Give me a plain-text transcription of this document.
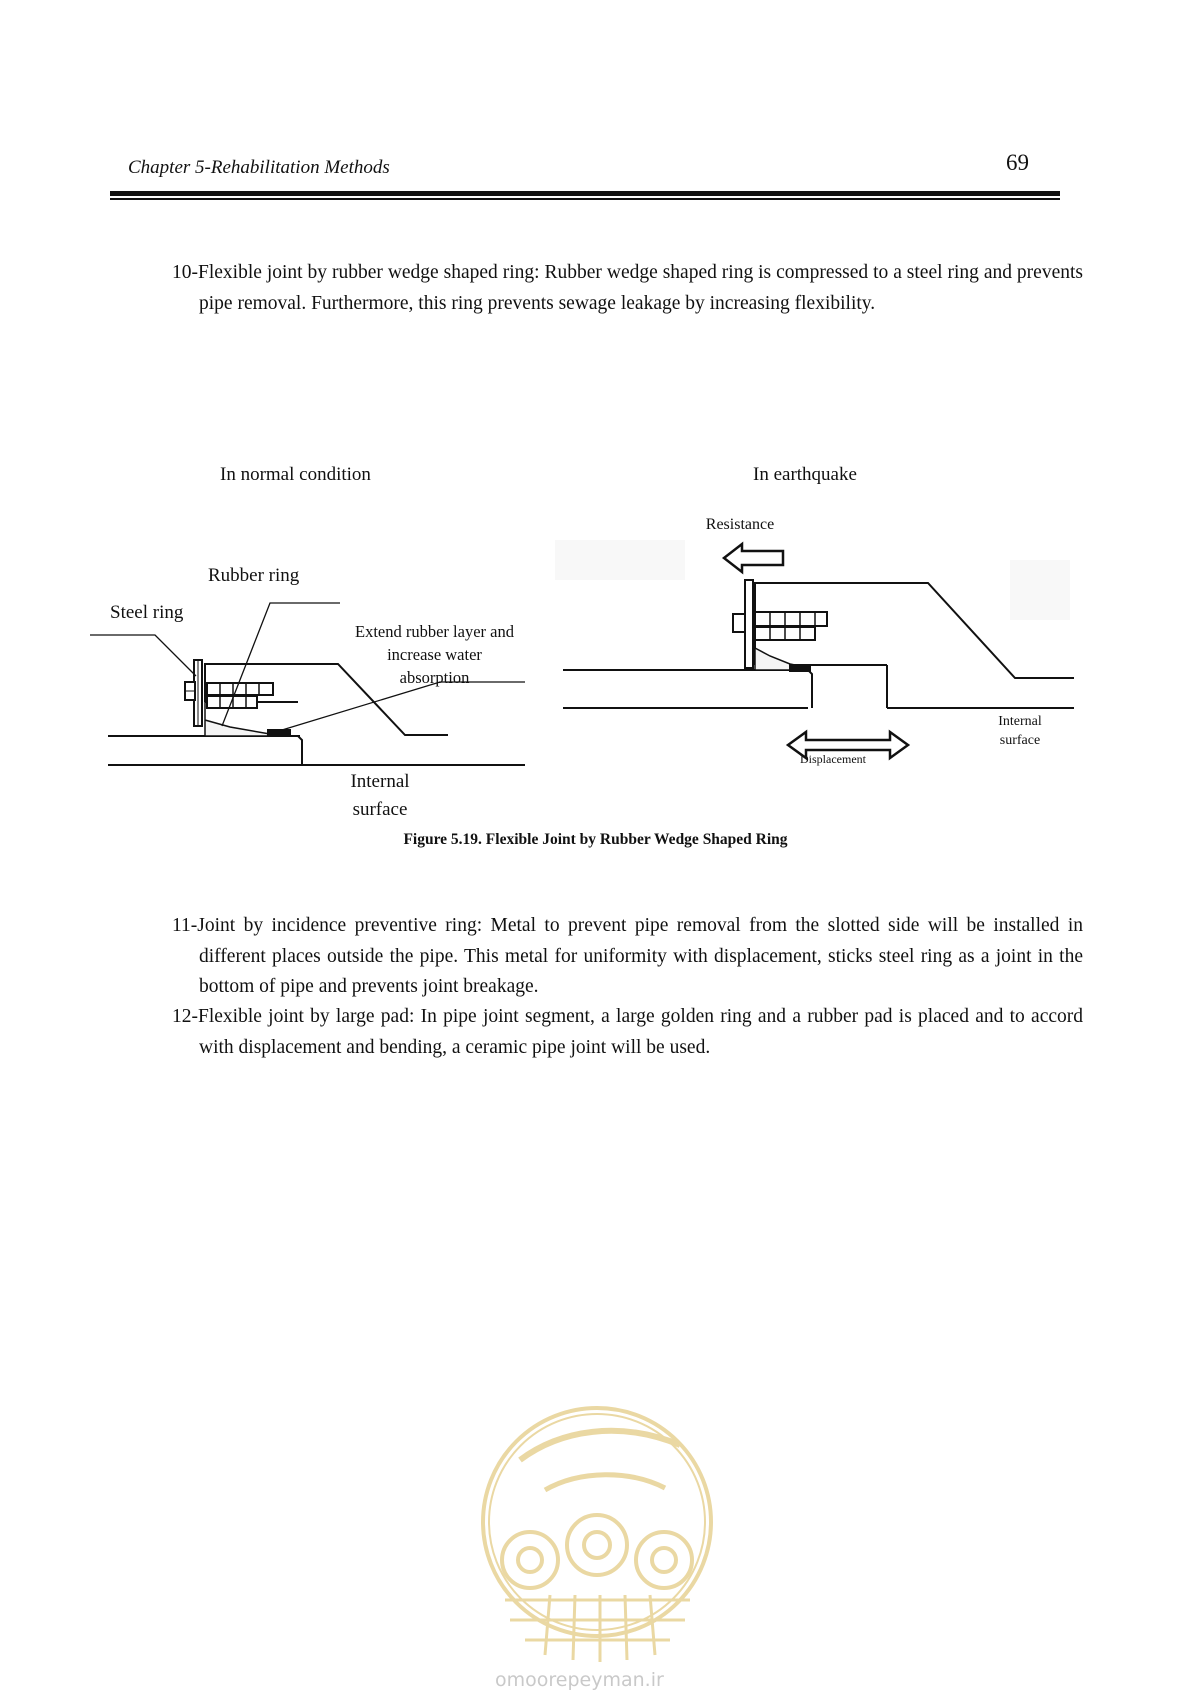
Chapter 5-Rehabilitation Methods	69
10-Flexible joint by rubber wedge shaped ring: Rubber wedge shaped ring is compressed to a steel ring and prevents pipe removal. Furthermore, this ring prevents sewage leakage by increasing flexibility.
In normal condition	In earthquake
Rubber ring
Steel ring
Extend rubber layer and increase water absorption
Internal surface
Resistance
Internal surface
Displacement
Figure 5.19. Flexible Joint by Rubber Wedge Shaped Ring
11-Joint by incidence preventive ring: Metal to prevent pipe removal from the slotted side will be installed in different places outside the pipe. This metal for uniformity with displacement, sticks steel ring as a joint in the bottom of pipe and prevents joint breakage.
12-Flexible joint by large pad: In pipe joint segment, a large golden ring and a rubber pad is placed and to accord with displacement and bending, a ceramic pipe joint will be used.
omoorepeyman.ir
